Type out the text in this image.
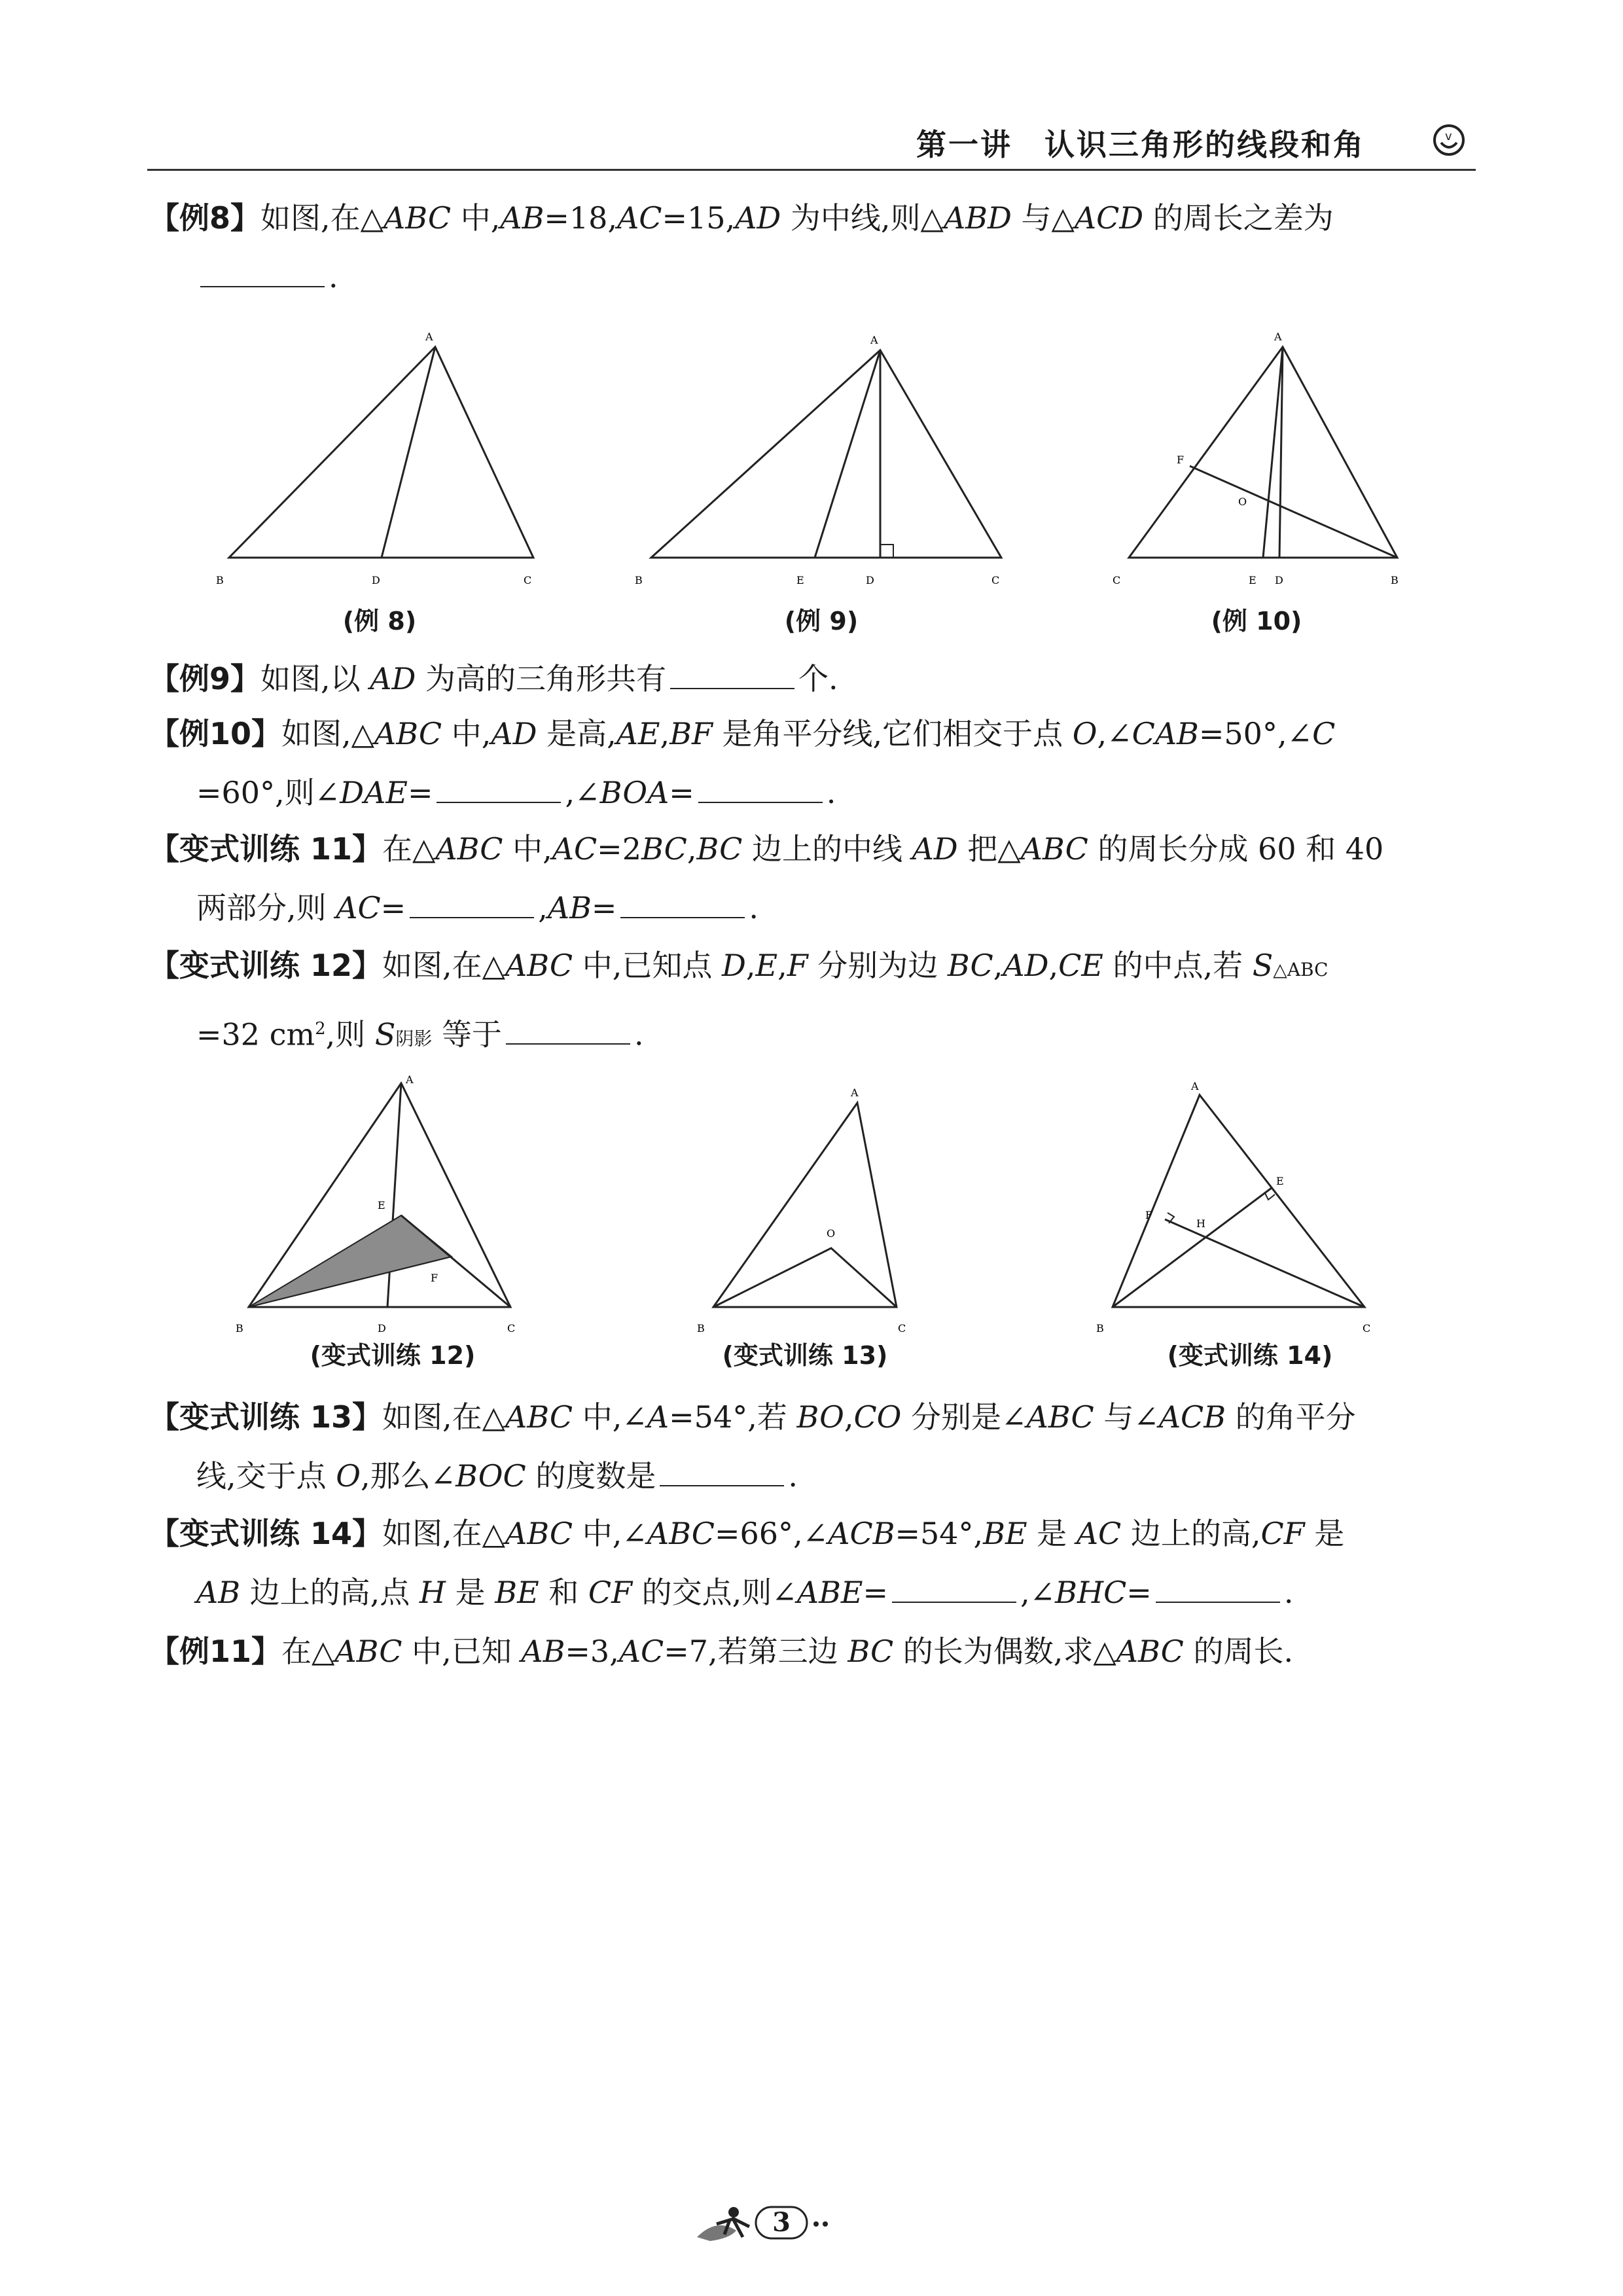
第一讲　认识三角形的线段和角	v
【例8】如图,在△ABC 中,AB=18,AC=15,AD 为中线,则△ABD 与△ACD 的周长之差为
.
A
B	D	C
(例 8)
A
B	E	D	C
(例 9)
A
F
O
C	E D	B
(例 10)
【例9】如图,以 AD 为高的三角形共有	个.
【例10】如图,△ABC 中,AD 是高,AE,BF 是角平分线,它们相交于点 O,∠CAB=50°,∠C
=60°,则∠DAE=	,∠BOA=	.
【变式训练 11】在△ABC 中,AC=2BC,BC 边上的中线 AD 把△ABC 的周长分成 60 和 40
两部分,则 AC=	,AB=	.
【变式训练 12】如图,在△ABC 中,已知点 D,E,F 分别为边 BC,AD,CE 的中点,若 S△ABC
=32 $cm^2$,则 S阴影 等于	.
A
E
F
B	D	C
(变式训练 12)
A
O
B	C
(变式训练 13)
A
E
F
H
B	C
(变式训练 14)
【变式训练 13】如图,在△ABC 中,∠A=54°,若 BO,CO 分别是∠ABC 与∠ACB 的角平分
线,交于点 O,那么∠BOC 的度数是	.
【变式训练 14】如图,在△ABC 中,∠ABC=66°,∠ACB=54°,BE 是 AC 边上的高,CF 是
AB 边上的高,点 H 是 BE 和 CF 的交点,则∠ABE=	,∠BHC=	.
【例11】在△ABC 中,已知 AB=3,AC=7,若第三边 BC 的长为偶数,求△ABC 的周长.
3
